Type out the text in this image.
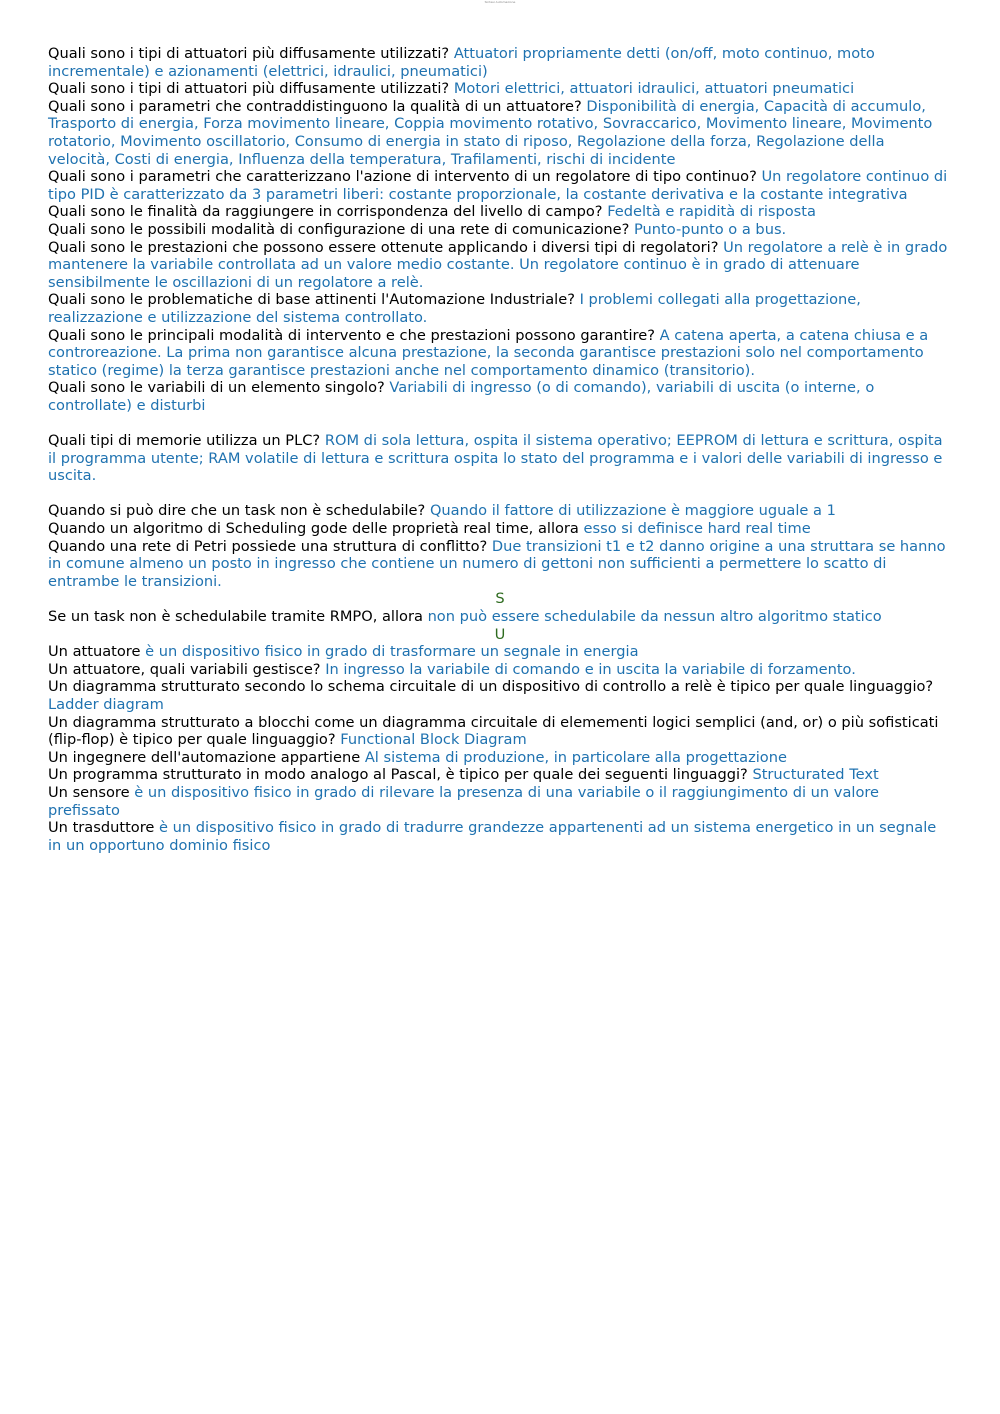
Sintesi Automazione

Quali sono i tipi di attuatori più diffusamente utilizzati? Attuatori propriamente detti (on/off, moto continuo, moto incrementale) e azionamenti (elettrici, idraulici, pneumatici)

Quali sono i tipi di attuatori più diffusamente utilizzati? Motori elettrici, attuatori idraulici, attuatori pneumatici

Quali sono i parametri che contraddistinguono la qualità di un attuatore? Disponibilità di energia, Capacità di accumulo, Trasporto di energia, Forza movimento lineare, Coppia movimento rotativo, Sovraccarico, Movimento lineare, Movimento rotatorio, Movimento oscillatorio, Consumo di energia in stato di riposo, Regolazione della forza, Regolazione della velocità, Costi di energia, Influenza della temperatura, Trafilamenti, rischi di incidente

Quali sono i parametri che caratterizzano l'azione di intervento di un regolatore di tipo continuo? Un regolatore continuo di tipo PID è caratterizzato da 3 parametri liberi: costante proporzionale, la costante derivativa e la costante integrativa

Quali sono le finalità da raggiungere in corrispondenza del livello di campo? Fedeltà e rapidità di risposta

Quali sono le possibili modalità di configurazione di una rete di comunicazione? Punto-punto o a bus.

Quali sono le prestazioni che possono essere ottenute applicando i diversi tipi di regolatori? Un regolatore a relè è in grado mantenere la variabile controllata ad un valore medio costante. Un regolatore continuo è in grado di attenuare sensibilmente le oscillazioni di un regolatore a relè.

Quali sono le problematiche di base attinenti l'Automazione Industriale? I problemi collegati alla progettazione, realizzazione e utilizzazione del sistema controllato.

Quali sono le principali modalità di intervento e che prestazioni possono garantire? A catena aperta, a catena chiusa e a controreazione. La prima non garantisce alcuna prestazione, la seconda garantisce prestazioni solo nel comportamento statico (regime) la terza garantisce prestazioni anche nel comportamento dinamico (transitorio).

Quali sono le variabili di un elemento singolo? Variabili di ingresso (o di comando), variabili di uscita (o interne, o controllate) e disturbi

Quali tipi di memorie utilizza un PLC? ROM di sola lettura, ospita il sistema operativo; EEPROM di lettura e scrittura, ospita il programma utente; RAM volatile di lettura e scrittura ospita lo stato del programma e i valori delle variabili di ingresso e uscita.

Quando si può dire che un task non è schedulabile? Quando il fattore di utilizzazione è maggiore uguale a 1

Quando un algoritmo di Scheduling gode delle proprietà real time, allora esso si definisce hard real time

Quando una rete di Petri possiede una struttura di conflitto? Due transizioni t1 e t2 danno origine a una struttara se hanno in comune almeno un posto in ingresso che contiene un numero di gettoni non sufficienti a permettere lo scatto di entrambe le transizioni.

S

Se un task non è schedulabile tramite RMPO, allora non può essere schedulabile da nessun altro algoritmo statico

U

Un attuatore è un dispositivo fisico in grado di trasformare un segnale in energia

Un attuatore, quali variabili gestisce? In ingresso la variabile di comando e in uscita la variabile di forzamento.

Un diagramma strutturato secondo lo schema circuitale di un dispositivo di controllo a relè è tipico per quale linguaggio? Ladder diagram

Un diagramma strutturato a blocchi come un diagramma circuitale di elemementi logici semplici (and, or) o più sofisticati (flip-flop) è tipico per quale linguaggio? Functional Block Diagram

Un ingegnere dell'automazione appartiene Al sistema di produzione, in particolare alla progettazione

Un programma strutturato in modo analogo al Pascal, è tipico per quale dei seguenti linguaggi? Structurated Text

Un sensore è un dispositivo fisico in grado di rilevare la presenza di una variabile o il raggiungimento di un valore prefissato

Un trasduttore è un dispositivo fisico in grado di tradurre grandezze appartenenti ad un sistema energetico in un segnale in un opportuno dominio fisico
